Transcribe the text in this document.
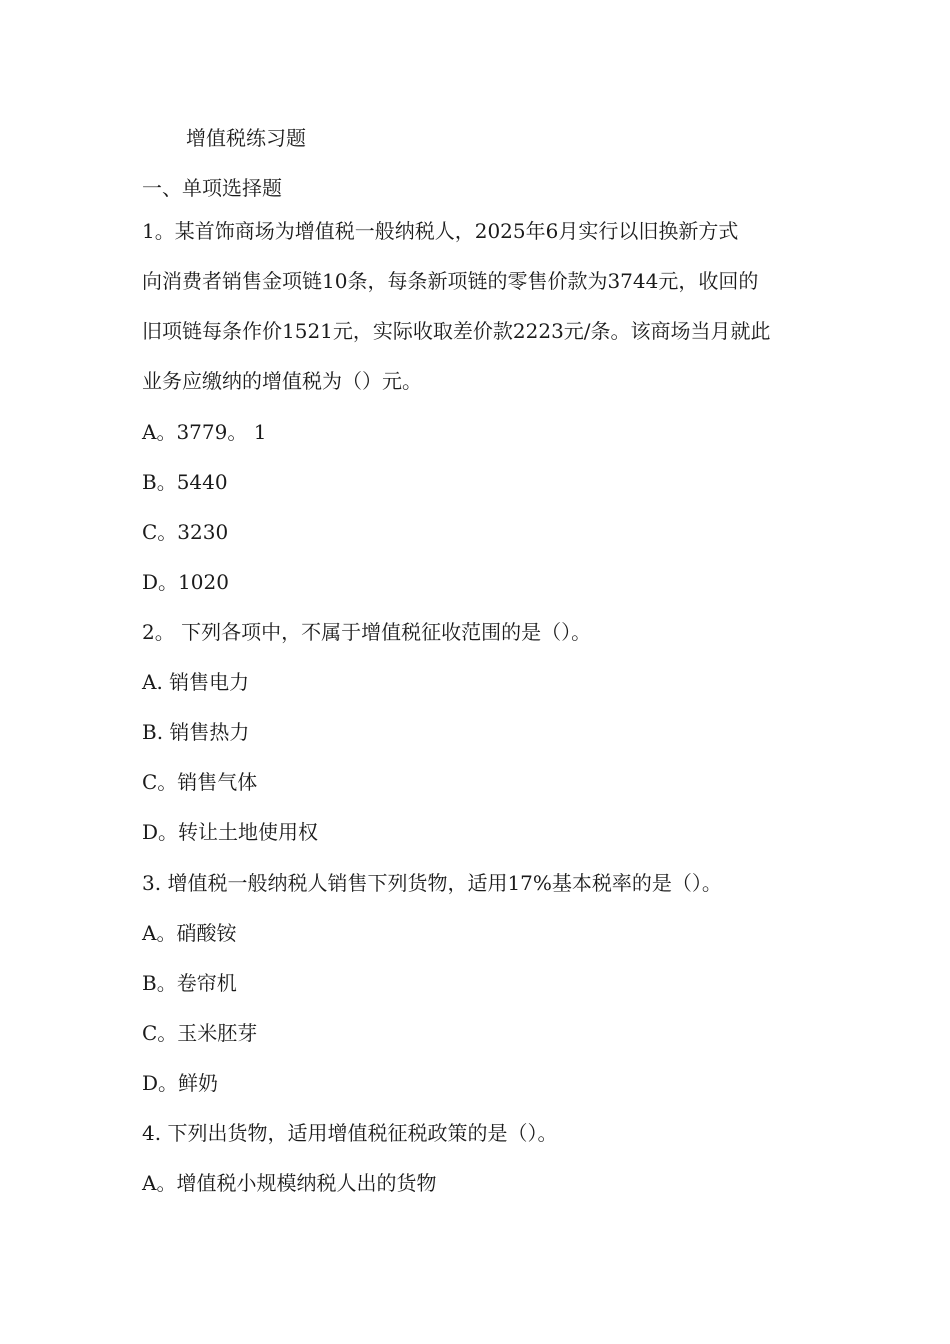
增值税练习题
一、单项选择题
1。某首饰商场为增值税一般纳税人，2025年6月实行以旧换新方式
向消费者销售金项链10条，每条新项链的零售价款为3744元，收回的
旧项链每条作价1521元，实际收取差价款2223元/条。该商场当月就此
业务应缴纳的增值税为（）元。
A。3779。 1
B。5440
C。3230
D。1020
2。 下列各项中，不属于增值税征收范围的是（）。
A. 销售电力
B. 销售热力
C。销售气体
D。转让土地使用权
3. 增值税一般纳税人销售下列货物，适用17%基本税率的是（）。
A。硝酸铵
B。卷帘机
C。玉米胚芽
D。鲜奶
4. 下列出货物，适用增值税征税政策的是（）。
A。增值税小规模纳税人出的货物
